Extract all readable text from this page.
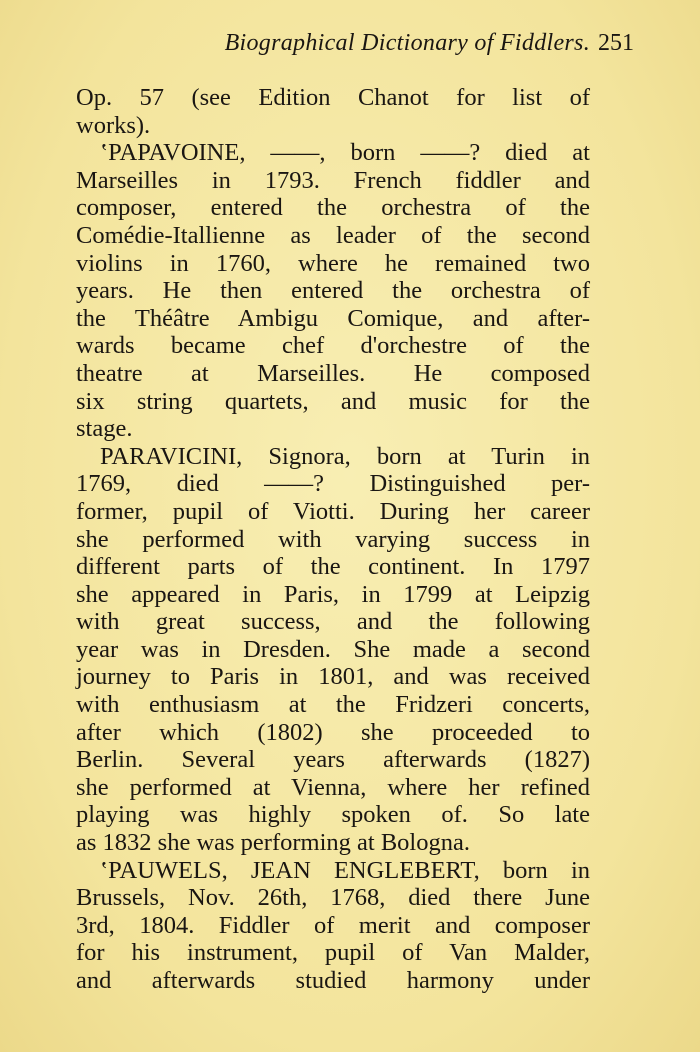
Biographical Dictionary of Fiddlers. 251
Op. 57 (see Edition Chanot for list of
works).
ʽPAPAVOINE, ——, born ——? died at
Marseilles in 1793. French fiddler and
composer, entered the orchestra of the
Comédie-Itallienne as leader of the second
violins in 1760, where he remained two
years. He then entered the orchestra of
the Théâtre Ambigu Comique, and after-
wards became chef d'orchestre of the
theatre at Marseilles. He composed
six string quartets, and music for the
stage.
PARAVICINI, Signora, born at Turin in
1769, died ——? Distinguished per-
former, pupil of Viotti. During her career
she performed with varying success in
different parts of the continent. In 1797
she appeared in Paris, in 1799 at Leipzig
with great success, and the following
year was in Dresden. She made a second
journey to Paris in 1801, and was received
with enthusiasm at the Fridzeri concerts,
after which (1802) she proceeded to
Berlin. Several years afterwards (1827)
she performed at Vienna, where her refined
playing was highly spoken of. So late
as 1832 she was performing at Bologna.
ʽPAUWELS, JEAN ENGLEBERT, born in
Brussels, Nov. 26th, 1768, died there June
3rd, 1804. Fiddler of merit and composer
for his instrument, pupil of Van Malder,
and afterwards studied harmony under
